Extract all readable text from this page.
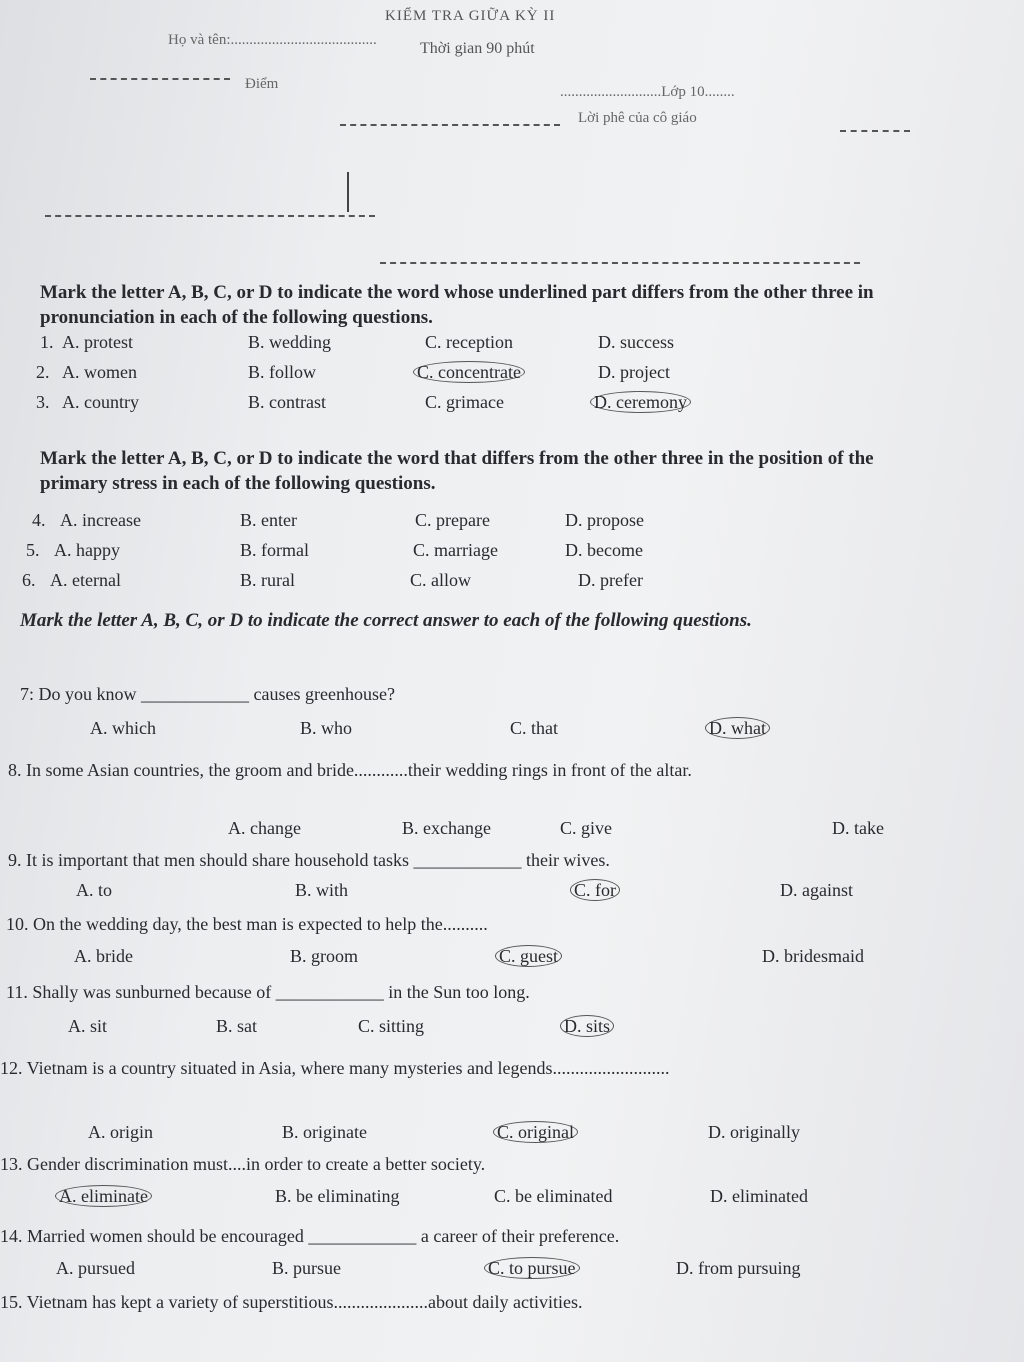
KIỂM TRA GIỮA KỲ II
Thời gian 90 phút
Họ và tên:.......................................
Điểm	...........................Lớp 10........
Lời phê của cô giáo
Mark the letter A, B, C, or D to indicate the word whose underlined part differs from the other three in pronunciation in each of the following questions.
1. A. protest	B. wedding	C. reception	D. success
2. A. women	B. follow	C. concentrate	D. project
3. A. country	B. contrast	C. grimace	D. ceremony
Mark the letter A, B, C, or D to indicate the word that differs from the other three in the position of the primary stress in each of the following questions.
4. A. increase	B. enter	C. prepare	D. propose
5. A. happy	B. formal	C. marriage	D. become
6. A. eternal	B. rural	C. allow	D. prefer
Mark the letter A, B, C, or D to indicate the correct answer to each of the following questions.
7: Do you know ____________ causes greenhouse?
A. which	B. who	C. that	D. what
8. In some Asian countries, the groom and bride............their wedding rings in front of the altar.
A. change	B. exchange	C. give	D. take
9. It is important that men should share household tasks ____________ their wives.
A. to	B. with	C. for	D. against
10. On the wedding day, the best man is expected to help the..........
A. bride	B. groom	C. guest	D. bridesmaid
11. Shally was sunburned because of ____________ in the Sun too long.
A. sit	B. sat	C. sitting	D. sits
12. Vietnam is a country situated in Asia, where many mysteries and legends..........................
A. origin	B. originate	C. original	D. originally
13. Gender discrimination must....in order to create a better society.
A. eliminate	B. be eliminating	C. be eliminated	D. eliminated
14. Married women should be encouraged ____________ a career of their preference.
A. pursued	B. pursue	C. to pursue	D. from pursuing
15. Vietnam has kept a variety of superstitious.....................about daily activities.
